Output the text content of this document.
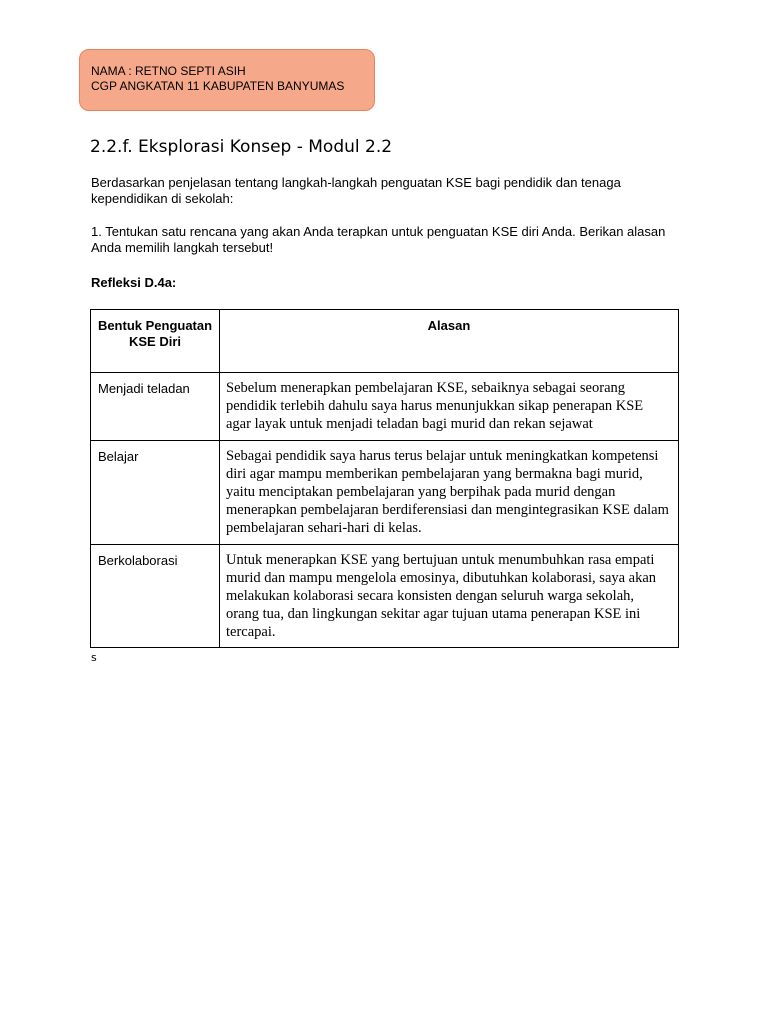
NAMA : RETNO SEPTI ASIH
CGP ANGKATAN 11 KABUPATEN BANYUMAS
2.2.f. Eksplorasi Konsep - Modul 2.2

Berdasarkan penjelasan tentang langkah-langkah penguatan KSE bagi pendidik dan tenaga kependidikan di sekolah:

1. Tentukan satu rencana yang akan Anda terapkan untuk penguatan KSE diri Anda. Berikan alasan Anda memilih langkah tersebut!

Refleksi D.4a:

Bentuk Penguatan KSE Diri	Alasan
Menjadi teladan	Sebelum menerapkan pembelajaran KSE, sebaiknya sebagai seorang pendidik terlebih dahulu saya harus menunjukkan sikap penerapan KSE agar layak untuk menjadi teladan bagi murid dan rekan sejawat
Belajar	Sebagai pendidik saya harus terus belajar untuk meningkatkan kompetensi diri agar mampu memberikan pembelajaran yang bermakna bagi murid, yaitu menciptakan pembelajaran yang berpihak pada murid dengan menerapkan pembelajaran berdiferensiasi dan mengintegrasikan KSE dalam pembelajaran sehari-hari di kelas.
Berkolaborasi	Untuk menerapkan KSE yang bertujuan untuk menumbuhkan rasa empati murid dan mampu mengelola emosinya, dibutuhkan kolaborasi, saya akan melakukan kolaborasi secara konsisten dengan seluruh warga sekolah, orang tua, dan lingkungan sekitar agar tujuan utama penerapan KSE ini tercapai.

s
